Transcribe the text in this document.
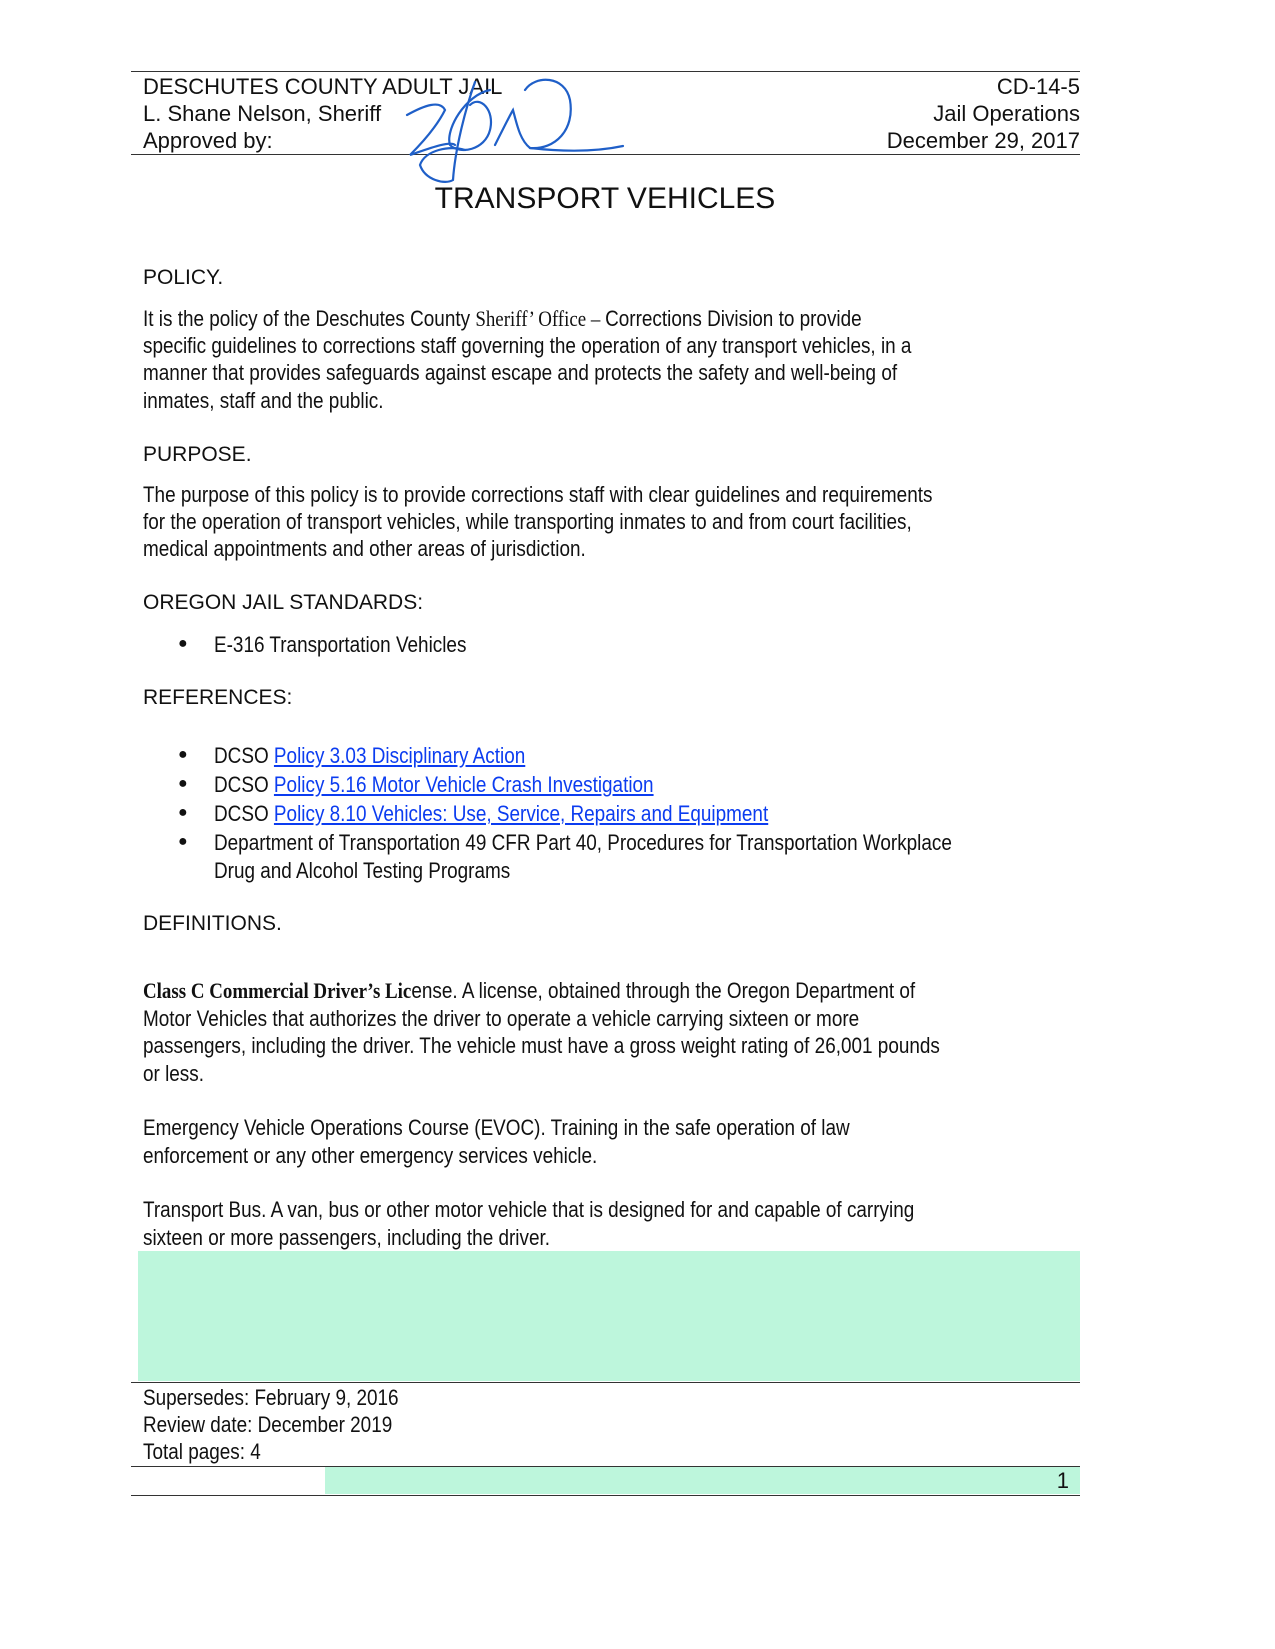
DESCHUTES COUNTY ADULT JAIL
L. Shane Nelson, Sheriff
Approved by:
CD-14-5
Jail Operations
December 29, 2017
TRANSPORT VEHICLES
POLICY.
It is the policy of the Deschutes County Sheriff’ Office – Corrections Division to provide
specific guidelines to corrections staff governing the operation of any transport vehicles, in a
manner that provides safeguards against escape and protects the safety and well-being of
inmates, staff and the public.
PURPOSE.
The purpose of this policy is to provide corrections staff with clear guidelines and requirements
for the operation of transport vehicles, while transporting inmates to and from court facilities,
medical appointments and other areas of jurisdiction.
OREGON JAIL STANDARDS:
● E-316 Transportation Vehicles
REFERENCES:
● DCSO Policy 3.03 Disciplinary Action
● DCSO Policy 5.16 Motor Vehicle Crash Investigation
● DCSO Policy 8.10 Vehicles: Use, Service, Repairs and Equipment
● Department of Transportation 49 CFR Part 40, Procedures for Transportation Workplace
Drug and Alcohol Testing Programs
DEFINITIONS.
Class C Commercial Driver’s License. A license, obtained through the Oregon Department of
Motor Vehicles that authorizes the driver to operate a vehicle carrying sixteen or more
passengers, including the driver. The vehicle must have a gross weight rating of 26,001 pounds
or less.
Emergency Vehicle Operations Course (EVOC). Training in the safe operation of law
enforcement or any other emergency services vehicle.
Transport Bus. A van, bus or other motor vehicle that is designed for and capable of carrying
sixteen or more passengers, including the driver.
Supersedes: February 9, 2016
Review date: December 2019
Total pages: 4
1
